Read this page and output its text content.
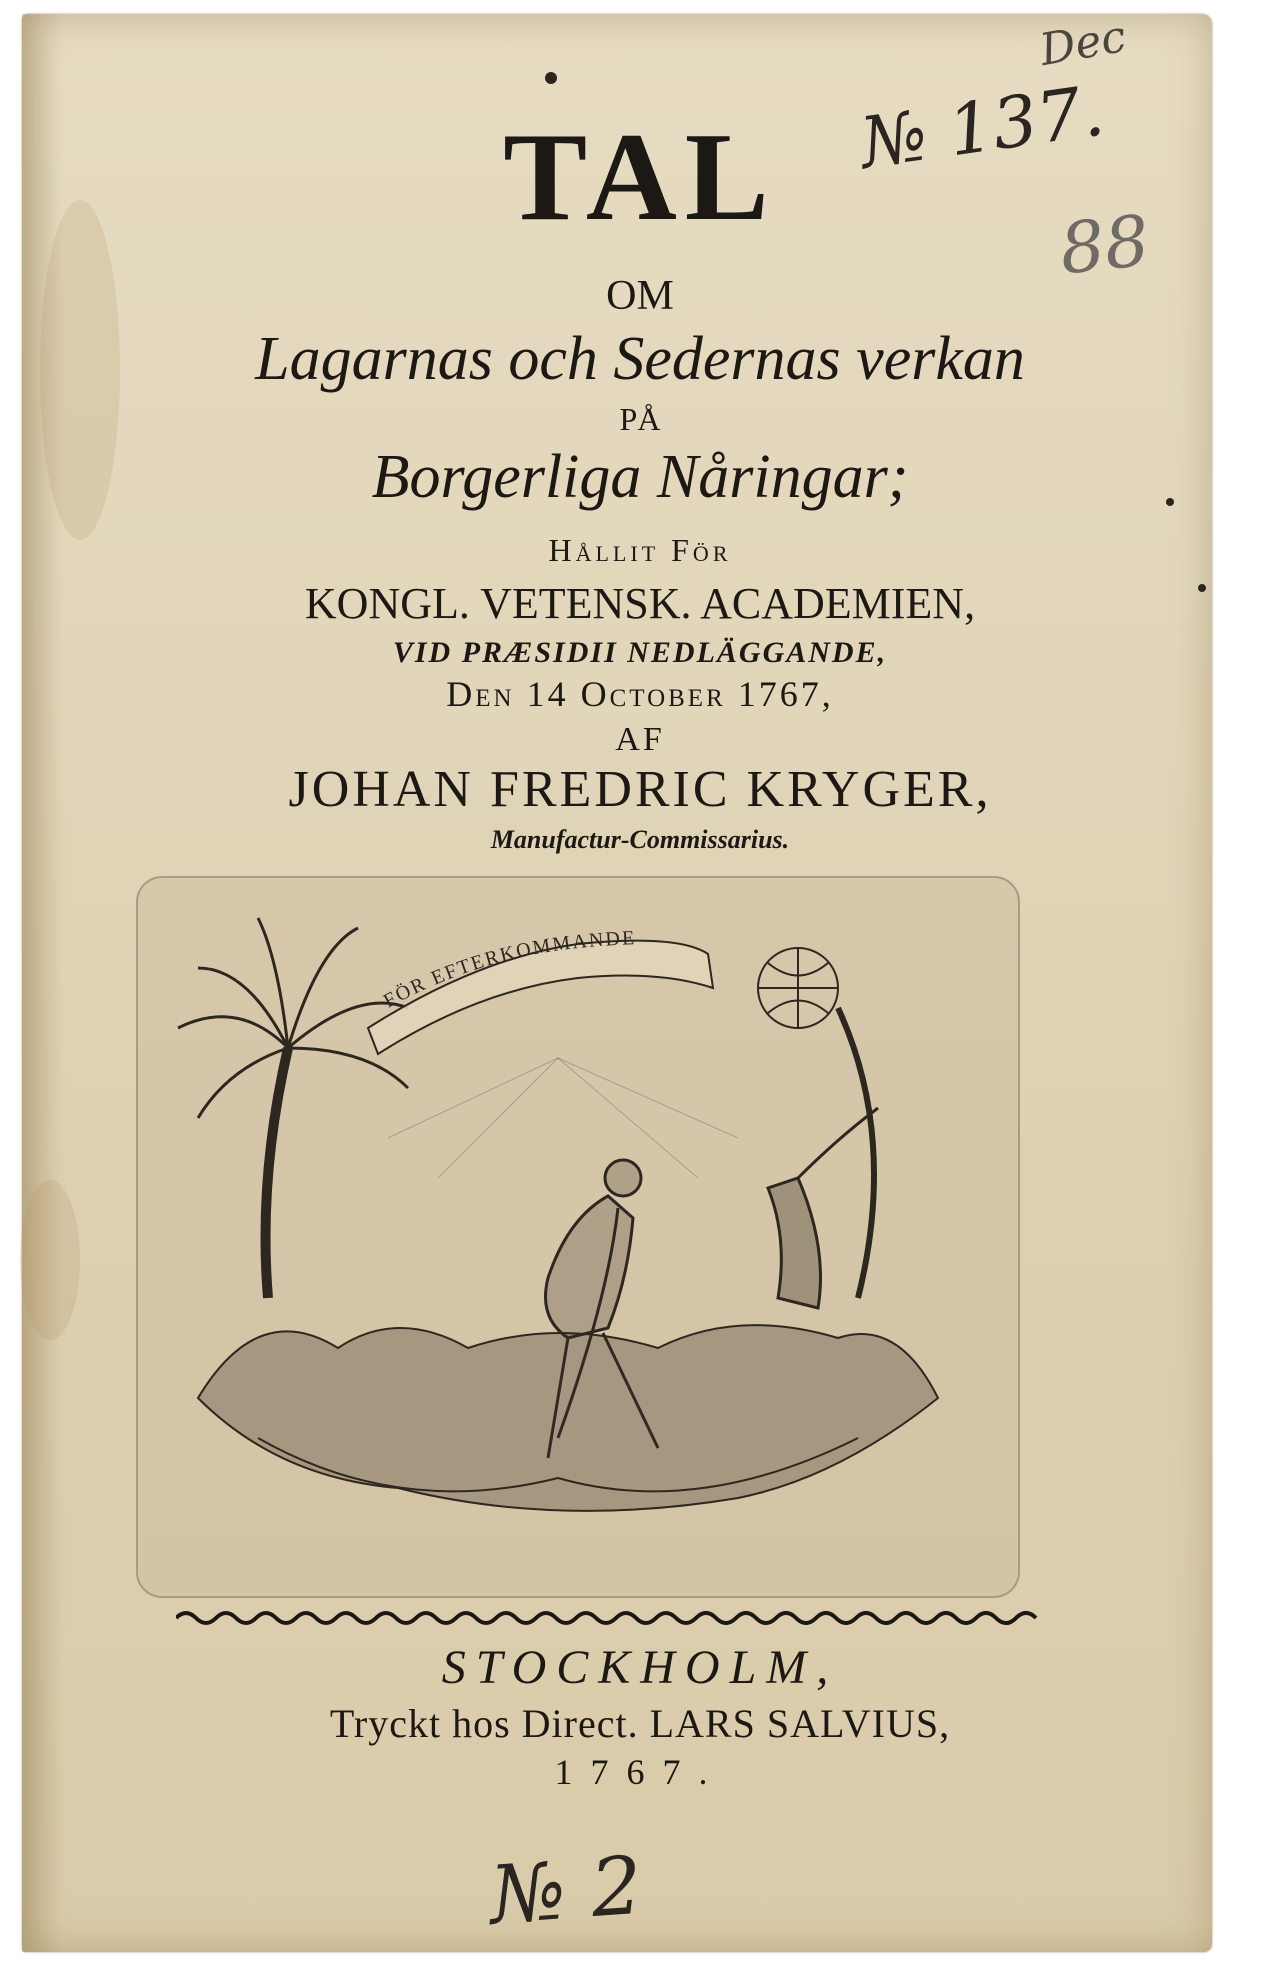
Dec
№ 137.
88
TAL
OM
Lagarnas och Sedernas verkan
PÅ
Borgerliga Nåringar;
Hållit För
KONGL. VETENSK. ACADEMIEN,
VID PRÆSIDII NEDLÄGGANDE,
Den 14 October 1767,
AF
JOHAN FREDRIC KRYGER,
Manufactur-Commissarius.
FÖR EFTERKOMMANDE
STOCKHOLM,
Tryckt hos Direct. LARS SALVIUS,
1767.
№ 2
